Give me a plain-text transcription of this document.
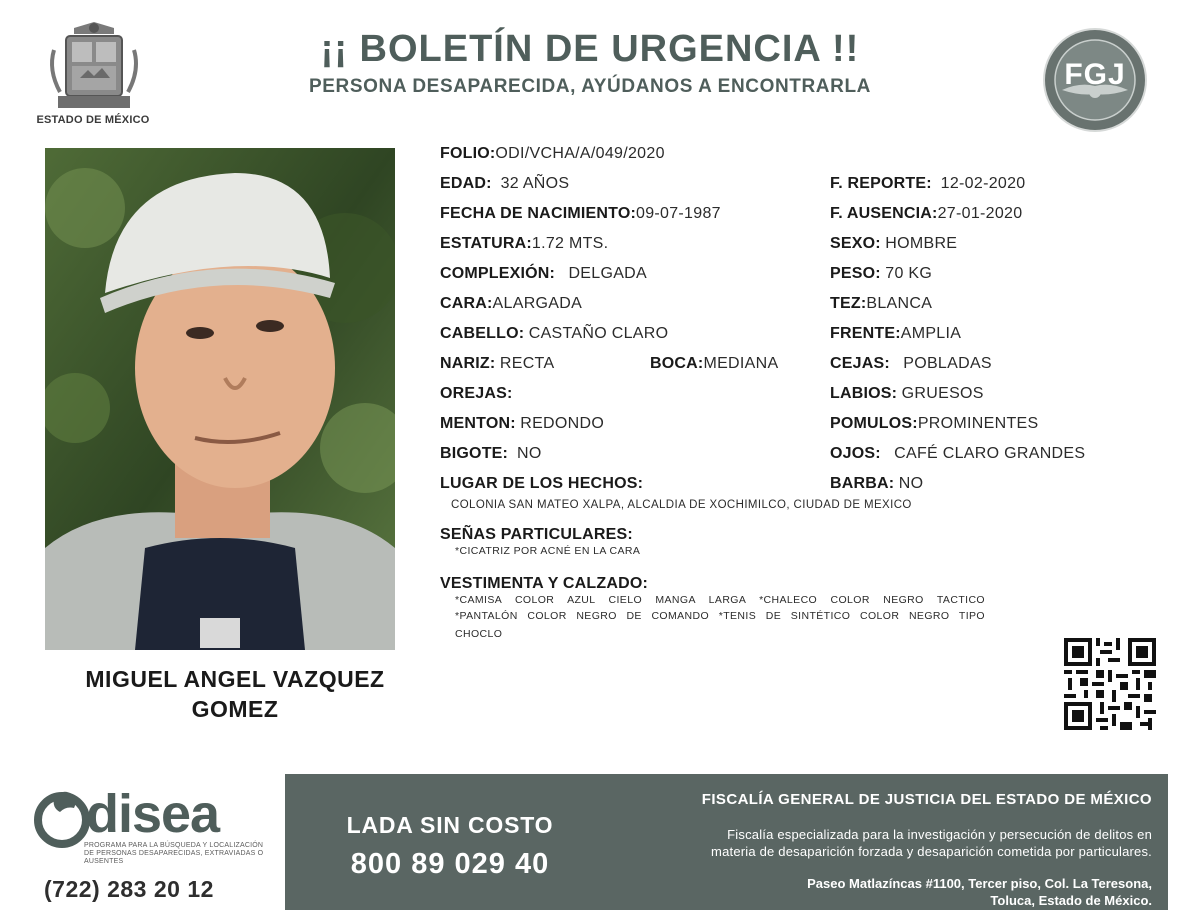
ESTADO DE MÉXICO
¡¡ BOLETÍN DE URGENCIA !!
PERSONA DESAPARECIDA, AYÚDANOS A ENCONTRARLA	FGJ
MIGUEL ANGEL VAZQUEZ
GOMEZ
FOLIO:ODI/VCHA/A/049/2020
EDAD: 32 AÑOS	F. REPORTE: 12-02-2020
FECHA DE NACIMIENTO:09-07-1987	F. AUSENCIA:27-01-2020
ESTATURA:1.72 MTS.	SEXO: HOMBRE
COMPLEXIÓN: DELGADA	PESO: 70 KG
CARA:ALARGADA	TEZ:BLANCA
CABELLO: CASTAÑO CLARO	FRENTE:AMPLIA
NARIZ: RECTA	BOCA:MEDIANA	CEJAS: POBLADAS
OREJAS:	LABIOS: GRUESOS
MENTON: REDONDO	POMULOS:PROMINENTES
BIGOTE: NO	OJOS: CAFÉ CLARO GRANDES
LUGAR DE LOS HECHOS:	BARBA: NO
COLONIA SAN MATEO XALPA, ALCALDIA DE XOCHIMILCO, CIUDAD DE MEXICO
SEÑAS PARTICULARES:
*CICATRIZ POR ACNÉ EN LA CARA
VESTIMENTA Y CALZADO:
*CAMISA COLOR AZUL CIELO MANGA LARGA *CHALECO COLOR NEGRO TACTICO
*PANTALÓN COLOR NEGRO DE COMANDO *TENIS DE SINTÉTICO COLOR NEGRO TIPO
CHOCLO
disea
PROGRAMA PARA LA BÚSQUEDA Y LOCALIZACIÓN DE PERSONAS DESAPARECIDAS, EXTRAVIADAS O AUSENTES
(722) 283 20 12
LADA SIN COSTO
800 89 029 40
FISCALÍA GENERAL DE JUSTICIA DEL ESTADO DE MÉXICO
Fiscalía especializada para la investigación y persecución de delitos en
materia de desaparición forzada y desaparición cometida por particulares.
Paseo Matlazíncas #1100, Tercer piso, Col. La Teresona,
Toluca, Estado de México.
